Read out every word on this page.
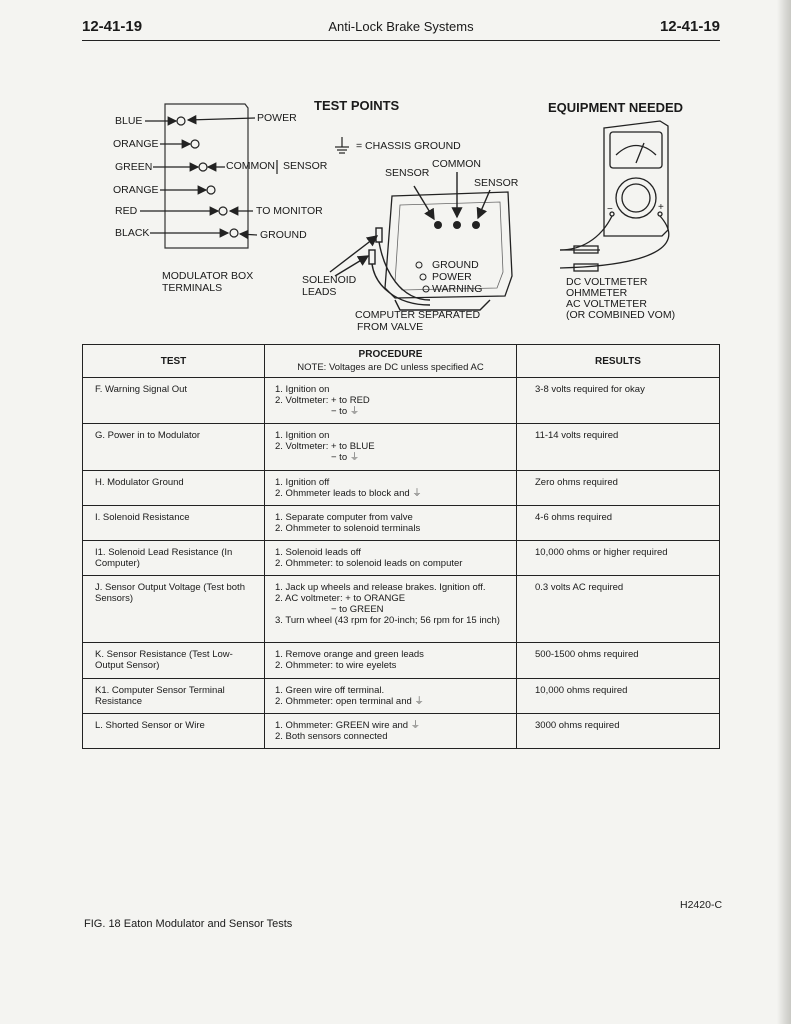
12-41-19	Anti-Lock Brake Systems	12-41-19
TEST POINTS	EQUIPMENT NEEDED
BLUE
ORANGE
GREEN
ORANGE
RED
BLACK
POWER
COMMON SENSOR
TO MONITOR
GROUND
MODULATOR BOX
TERMINALS
= CHASSIS GROUND
SENSOR
COMMON
SENSOR
SOLENOID
LEADS
GROUND
POWER
WARNING
COMPUTER SEPARATED
FROM VALVE
−	+
DC VOLTMETER
OHMMETER
AC VOLTMETER
(OR COMBINED VOM)
TEST	PROCEDURE
NOTE: Voltages are DC unless specified AC	RESULTS
F. Warning Signal Out	1. Ignition on
2. Voltmeter: + to RED
− to ⏚	3-8 volts required for okay
G. Power in to Modulator	1. Ignition on
2. Voltmeter: + to BLUE
− to ⏚	11-14 volts required
H. Modulator Ground	1. Ignition off
2. Ohmmeter leads to block and ⏚	Zero ohms required
I. Solenoid Resistance	1. Separate computer from valve
2. Ohmmeter to solenoid terminals	4-6 ohms required
I1. Solenoid Lead Resistance (In Computer)	1. Solenoid leads off
2. Ohmmeter: to solenoid leads on computer	10,000 ohms or higher required
J. Sensor Output Voltage (Test both Sensors)	1. Jack up wheels and release brakes. Ignition off.
2. AC voltmeter: + to ORANGE
− to GREEN
3. Turn wheel (43 rpm for 20-inch; 56 rpm for 15 inch)	0.3 volts AC required
K. Sensor Resistance (Test Low-Output Sensor)	1. Remove orange and green leads
2. Ohmmeter: to wire eyelets	500-1500 ohms required
K1. Computer Sensor Terminal Resistance	1. Green wire off terminal.
2. Ohmmeter: open terminal and ⏚	10,000 ohms required
L. Shorted Sensor or Wire	1. Ohmmeter: GREEN wire and ⏚
2. Both sensors connected	3000 ohms required
H2420-C
FIG. 18 Eaton Modulator and Sensor Tests
